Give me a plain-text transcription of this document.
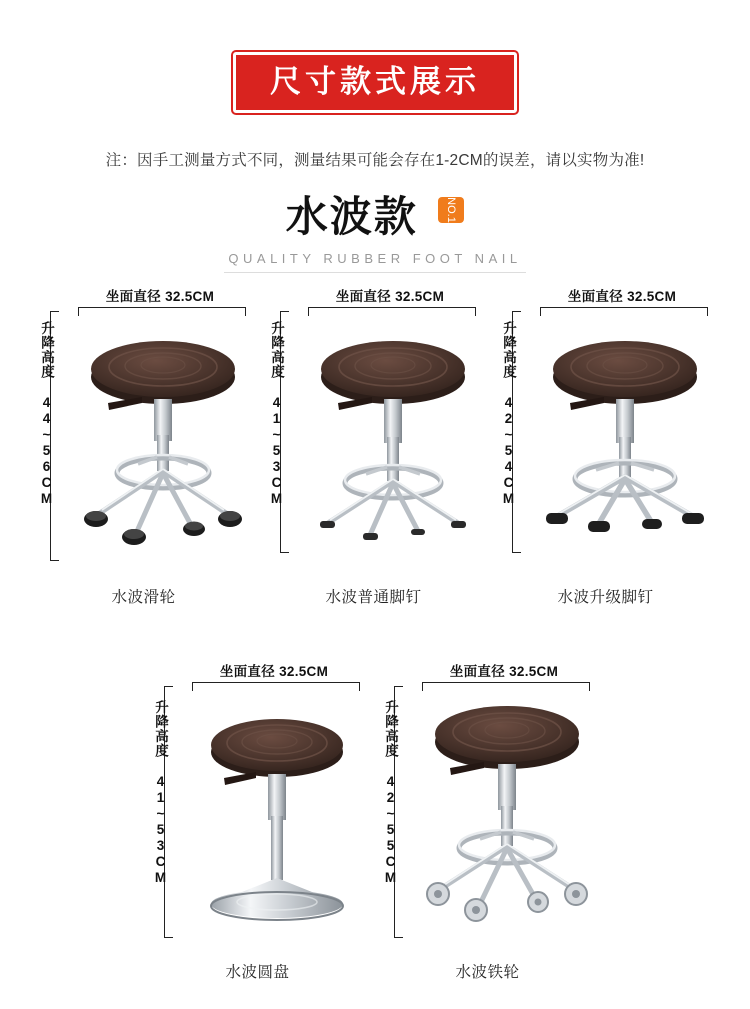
尺寸款式展示
注：因手工测量方式不同，测量结果可能会存在1-2CM的误差，请以实物为准!
水波款 NO.1
QUALITY RUBBER FOOT NAIL
坐面直径 32.5CM
升降高度 44~56CM
水波滑轮
坐面直径 32.5CM
升降高度 41~53CM
水波普通脚钉
坐面直径 32.5CM
升降高度 42~54CM
水波升级脚钉
坐面直径 32.5CM
升降高度 41~53CM
水波圆盘
坐面直径 32.5CM
升降高度 42~55CM
水波铁轮
